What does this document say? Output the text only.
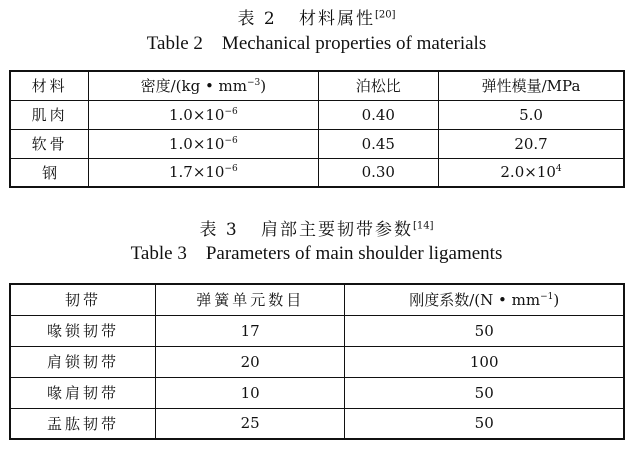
表 2 材料属性[20]
Table 2    Mechanical properties of materials
材料	密度/(kg • $mm^{-3}$)	泊松比	弹性模量/MPa
肌肉	$1.0\times 10^{-6}$	0.40	5.0
软骨	$1.0\times 10^{-6}$	0.45	20.7
钢	$1.7\times 10^{-6}$	0.30	$2.0\times 10^4$
表 3 肩部主要韧带参数[14]
Table 3    Parameters of main shoulder ligaments
韧带	弹簧单元数目	刚度系数/(N • $mm^{-1}$)
喙锁韧带	17	50
肩锁韧带	20	100
喙肩韧带	10	50
盂肱韧带	25	50
